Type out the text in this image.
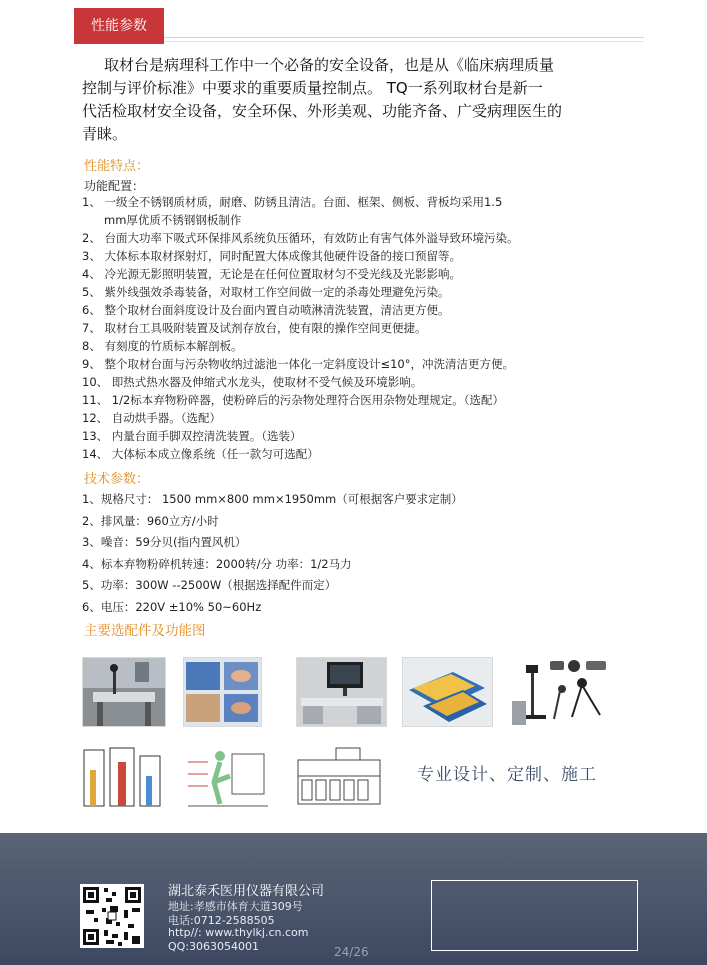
性能参数
取材台是病理科工作中一个必备的安全设备，也是从《临床病理质量
控制与评价标准》中要求的重要质量控制点。 TQ一系列取材台是新一
代活检取材安全设备，安全环保、外形美观、功能齐备、广受病理医生的
青睐。
性能特点：
功能配置：
1、 一级全不锈钢质材质，耐磨、防锈且清洁。台面、框架、侧板、背板均采用1.5
mm厚优质不锈钢钢板制作
2、 台面大功率下吸式环保排风系统负压循环，有效防止有害气体外溢导致环境污染。
3、 大体标本取材探射灯，同时配置大体成像其他硬件设备的接口预留等。
4、 冷光源无影照明装置，无论是在任何位置取材匀不受光线及光影影响。
5、 紫外线强效杀毒装备，对取材工作空间做一定的杀毒处理避免污染。
6、 整个取材台面斜度设计及台面内置自动喷淋清洗装置，清洁更方便。
7、 取材台工具吸附装置及试剂存放台，使有限的操作空间更便捷。
8、 有刻度的竹质标本解剖板。
9、 整个取材台面与污杂物收纳过滤池一体化一定斜度设计≤10°，冲洗清洁更方便。
10、 即热式热水器及伸缩式水龙头，使取材不受气候及环境影响。
11、 1/2标本弃物粉碎器，使粉碎后的污杂物处理符合医用杂物处理规定。（选配）
12、 自动烘手器。（选配）
13、 内量台面手脚双控清洗装置。（选装）
14、 大体标本成立像系统（任一款匀可选配）
技术参数：
1、规格尺寸： 1500 mm×800 mm×1950mm（可根据客户要求定制）
2、排风量：960立方/小时
3、噪音：59分贝(指内置风机）
4、标本弃物粉碎机转速：2000转/分 功率：1/2马力
5、功率：300W --2500W（根据选择配件而定）
6、电压：220V ±10% 50~60Hz
主要选配件及功能图
专业设计、定制、施工
湖北泰禾医用仪器有限公司
地址:孝感市体育大道309号
电话:0712-2588505
http//: www.thylkj.cn.com
QQ:3063054001	24/26
